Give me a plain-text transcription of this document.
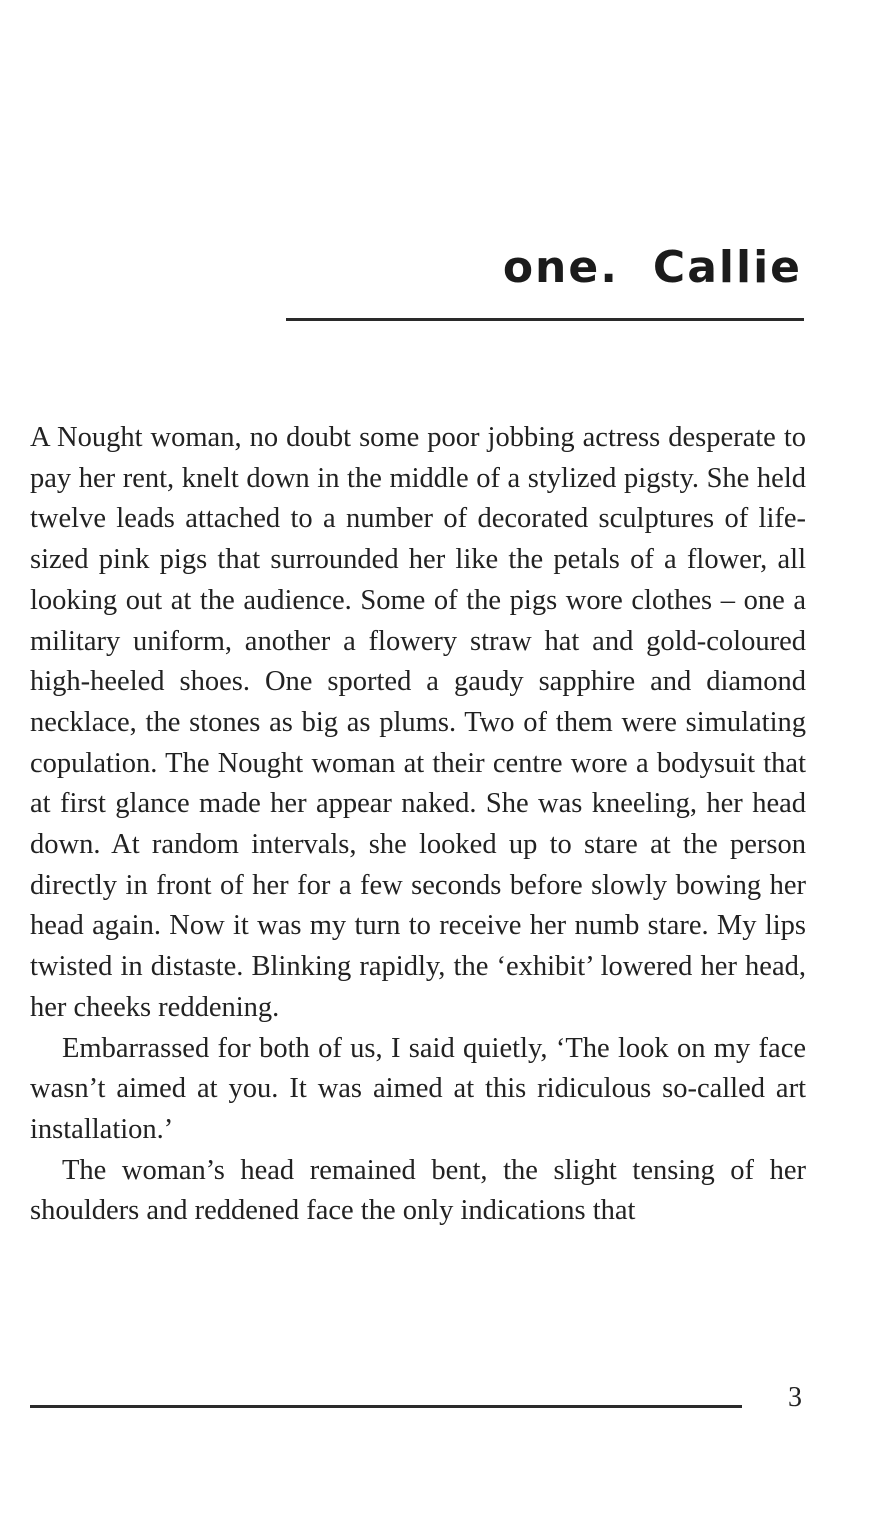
one. Callie

A Nought woman, no doubt some poor jobbing actress desperate to pay her rent, knelt down in the middle of a stylized pigsty. She held twelve leads attached to a number of decorated sculptures of life-sized pink pigs that surrounded her like the petals of a flower, all looking out at the audience. Some of the pigs wore clothes – one a military uniform, another a flowery straw hat and gold-coloured high-heeled shoes. One sported a gaudy sapphire and diamond necklace, the stones as big as plums. Two of them were simulating copulation. The Nought woman at their centre wore a bodysuit that at first glance made her appear naked. She was kneeling, her head down. At random intervals, she looked up to stare at the person directly in front of her for a few seconds before slowly bowing her head again. Now it was my turn to receive her numb stare. My lips twisted in distaste. Blinking rapidly, the ‘exhibit’ lowered her head, her cheeks reddening.

Embarrassed for both of us, I said quietly, ‘The look on my face wasn’t aimed at you. It was aimed at this ridiculous so-called art installation.’

The woman’s head remained bent, the slight tensing of her shoulders and reddened face the only indications that

3
